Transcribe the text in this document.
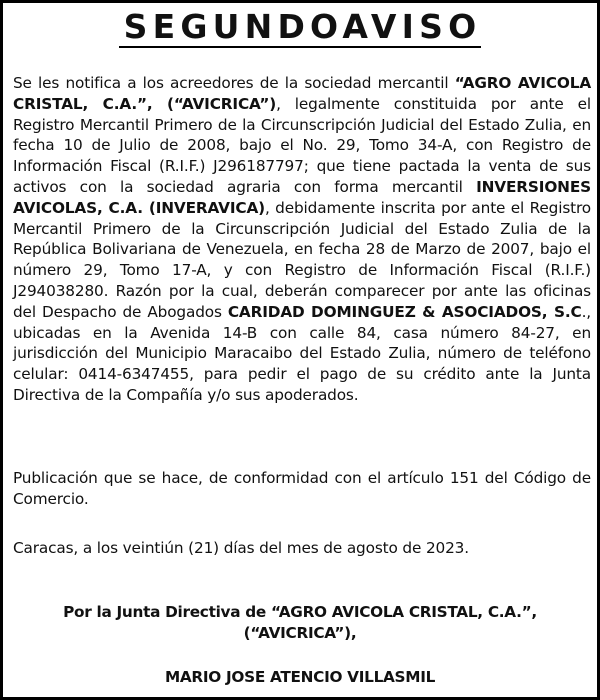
SEGUNDOAVISO
Se les notifica a los acreedores de la sociedad mercantil “AGRO AVICOLA CRISTAL, C.A.”, (“AVICRICA”), legalmente constituida por ante el Registro Mercantil Primero de la Circunscripción Judicial del Estado Zulia, en fecha 10 de Julio de 2008, bajo el No. 29, Tomo 34-A, con Registro de Información Fiscal (R.I.F.) J296187797; que tiene pactada la venta de sus activos con la sociedad agraria con forma mercantil INVERSIONES AVICOLAS, C.A. (INVERAVICA), debidamente inscrita por ante el Registro Mercantil Primero de la Circunscripción Judicial del Estado Zulia de la República Bolivariana de Venezuela, en fecha 28 de Marzo de 2007, bajo el número 29, Tomo 17-A, y con Registro de Información Fiscal (R.I.F.) J294038280. Razón por la cual, deberán comparecer por ante las oficinas del Despacho de Abogados CARIDAD DOMINGUEZ & ASOCIADOS, S.C., ubicadas en la Avenida 14-B con calle 84, casa número 84-27, en jurisdicción del Municipio Maracaibo del Estado Zulia, número de teléfono celular: 0414-6347455, para pedir el pago de su crédito ante la Junta Directiva de la Compañía y/o sus apoderados.
Publicación que se hace, de conformidad con el artículo 151 del Código de Comercio.
Caracas, a los veintiún (21) días del mes de agosto de 2023.
Por la Junta Directiva de “AGRO AVICOLA CRISTAL, C.A.”,
(“AVICRICA”),
MARIO JOSE ATENCIO VILLASMIL
